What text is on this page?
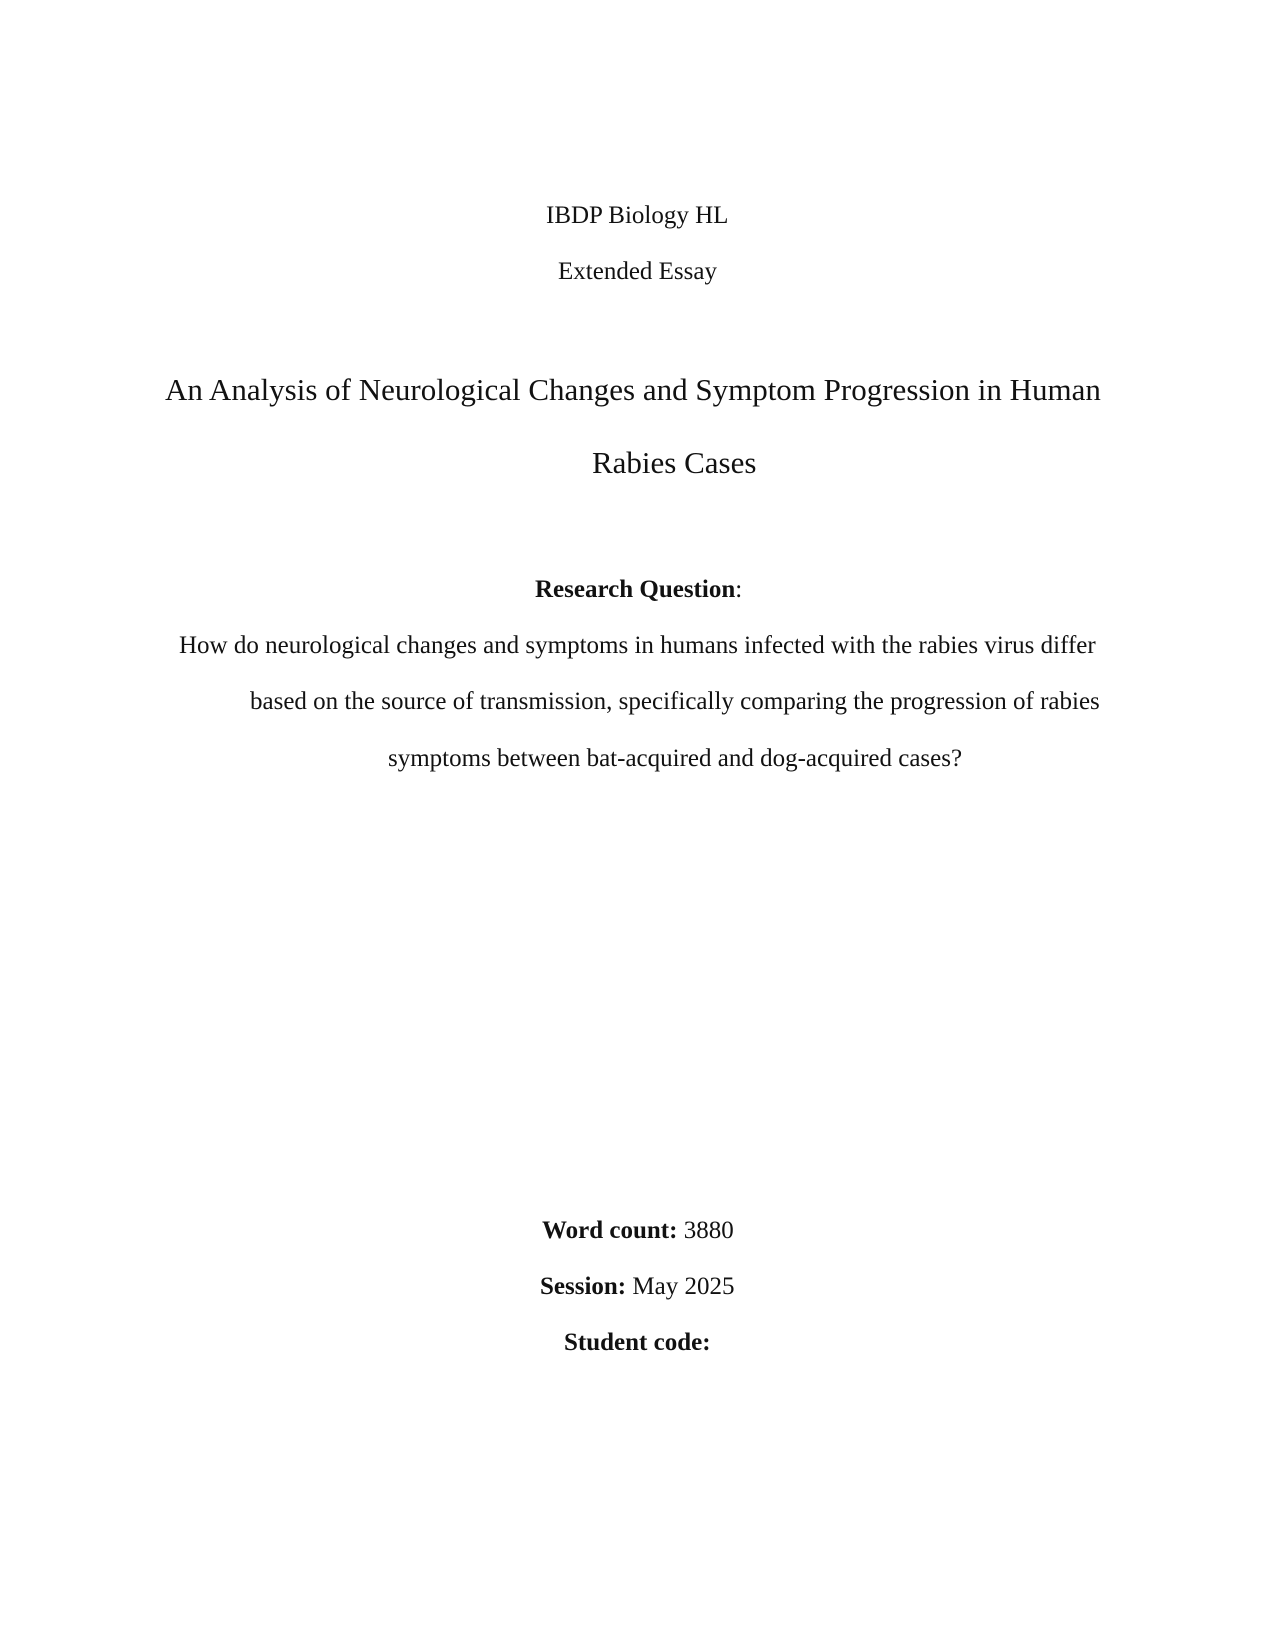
IBDP Biology HL
Extended Essay
An Analysis of Neurological Changes and Symptom Progression in Human
Rabies Cases
Research Question:
How do neurological changes and symptoms in humans infected with the rabies virus differ
based on the source of transmission, specifically comparing the progression of rabies
symptoms between bat-acquired and dog-acquired cases?
Word count: 3880
Session: May 2025
Student code:
